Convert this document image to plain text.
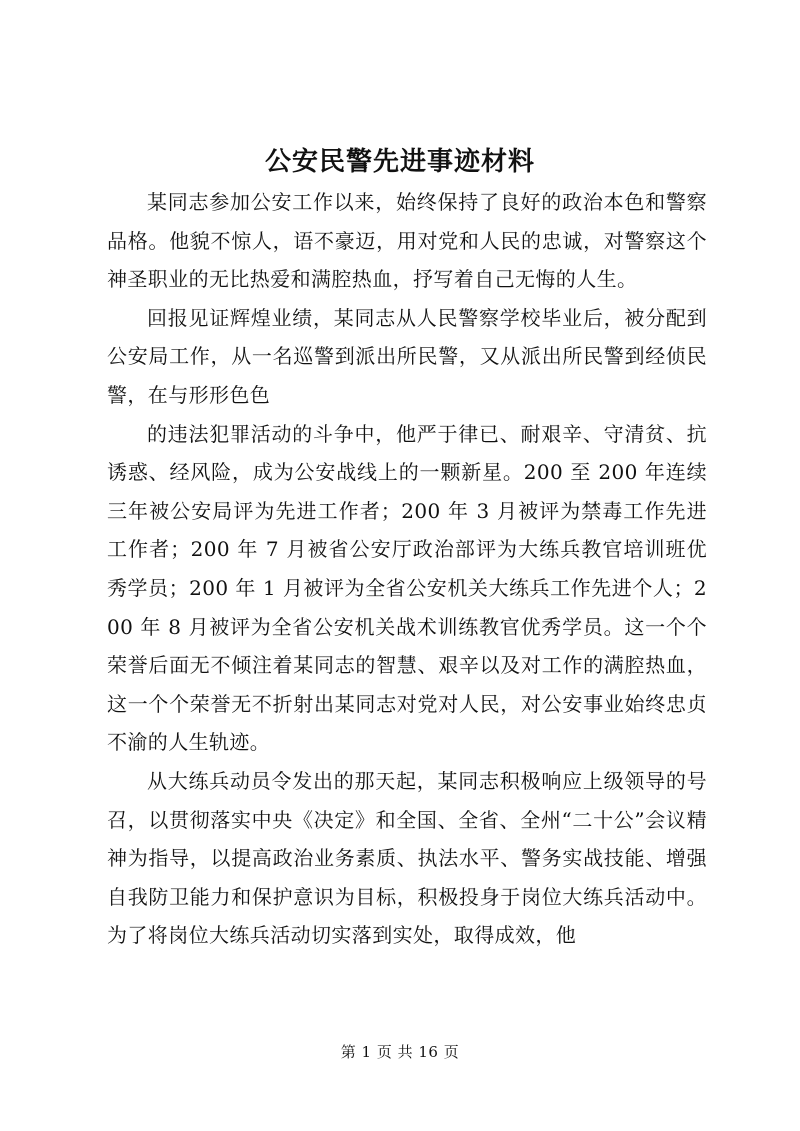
公安民警先进事迹材料

某同志参加公安工作以来，始终保持了良好的政治本色和警察品格。他貌不惊人，语不豪迈，用对党和人民的忠诚，对警察这个神圣职业的无比热爱和满腔热血，抒写着自己无悔的人生。

回报见证辉煌业绩，某同志从人民警察学校毕业后，被分配到公安局工作，从一名巡警到派出所民警，又从派出所民警到经侦民警，在与形形色色

的违法犯罪活动的斗争中，他严于律已、耐艰辛、守清贫、抗诱惑、经风险，成为公安战线上的一颗新星。200 至 200 年连续三年被公安局评为先进工作者；200 年 3 月被评为禁毒工作先进工作者；200 年 7 月被省公安厅政治部评为大练兵教官培训班优秀学员；200 年 1 月被评为全省公安机关大练兵工作先进个人；200 年 8 月被评为全省公安机关战术训练教官优秀学员。这一个个荣誉后面无不倾注着某同志的智慧、艰辛以及对工作的满腔热血，这一个个荣誉无不折射出某同志对党对人民，对公安事业始终忠贞不渝的人生轨迹。

从大练兵动员令发出的那天起，某同志积极响应上级领导的号召，以贯彻落实中央《决定》和全国、全省、全州“二十公”会议精神为指导，以提高政治业务素质、执法水平、警务实战技能、增强自我防卫能力和保护意识为目标，积极投身于岗位大练兵活动中。为了将岗位大练兵活动切实落到实处，取得成效，他

第 1 页 共 16 页
